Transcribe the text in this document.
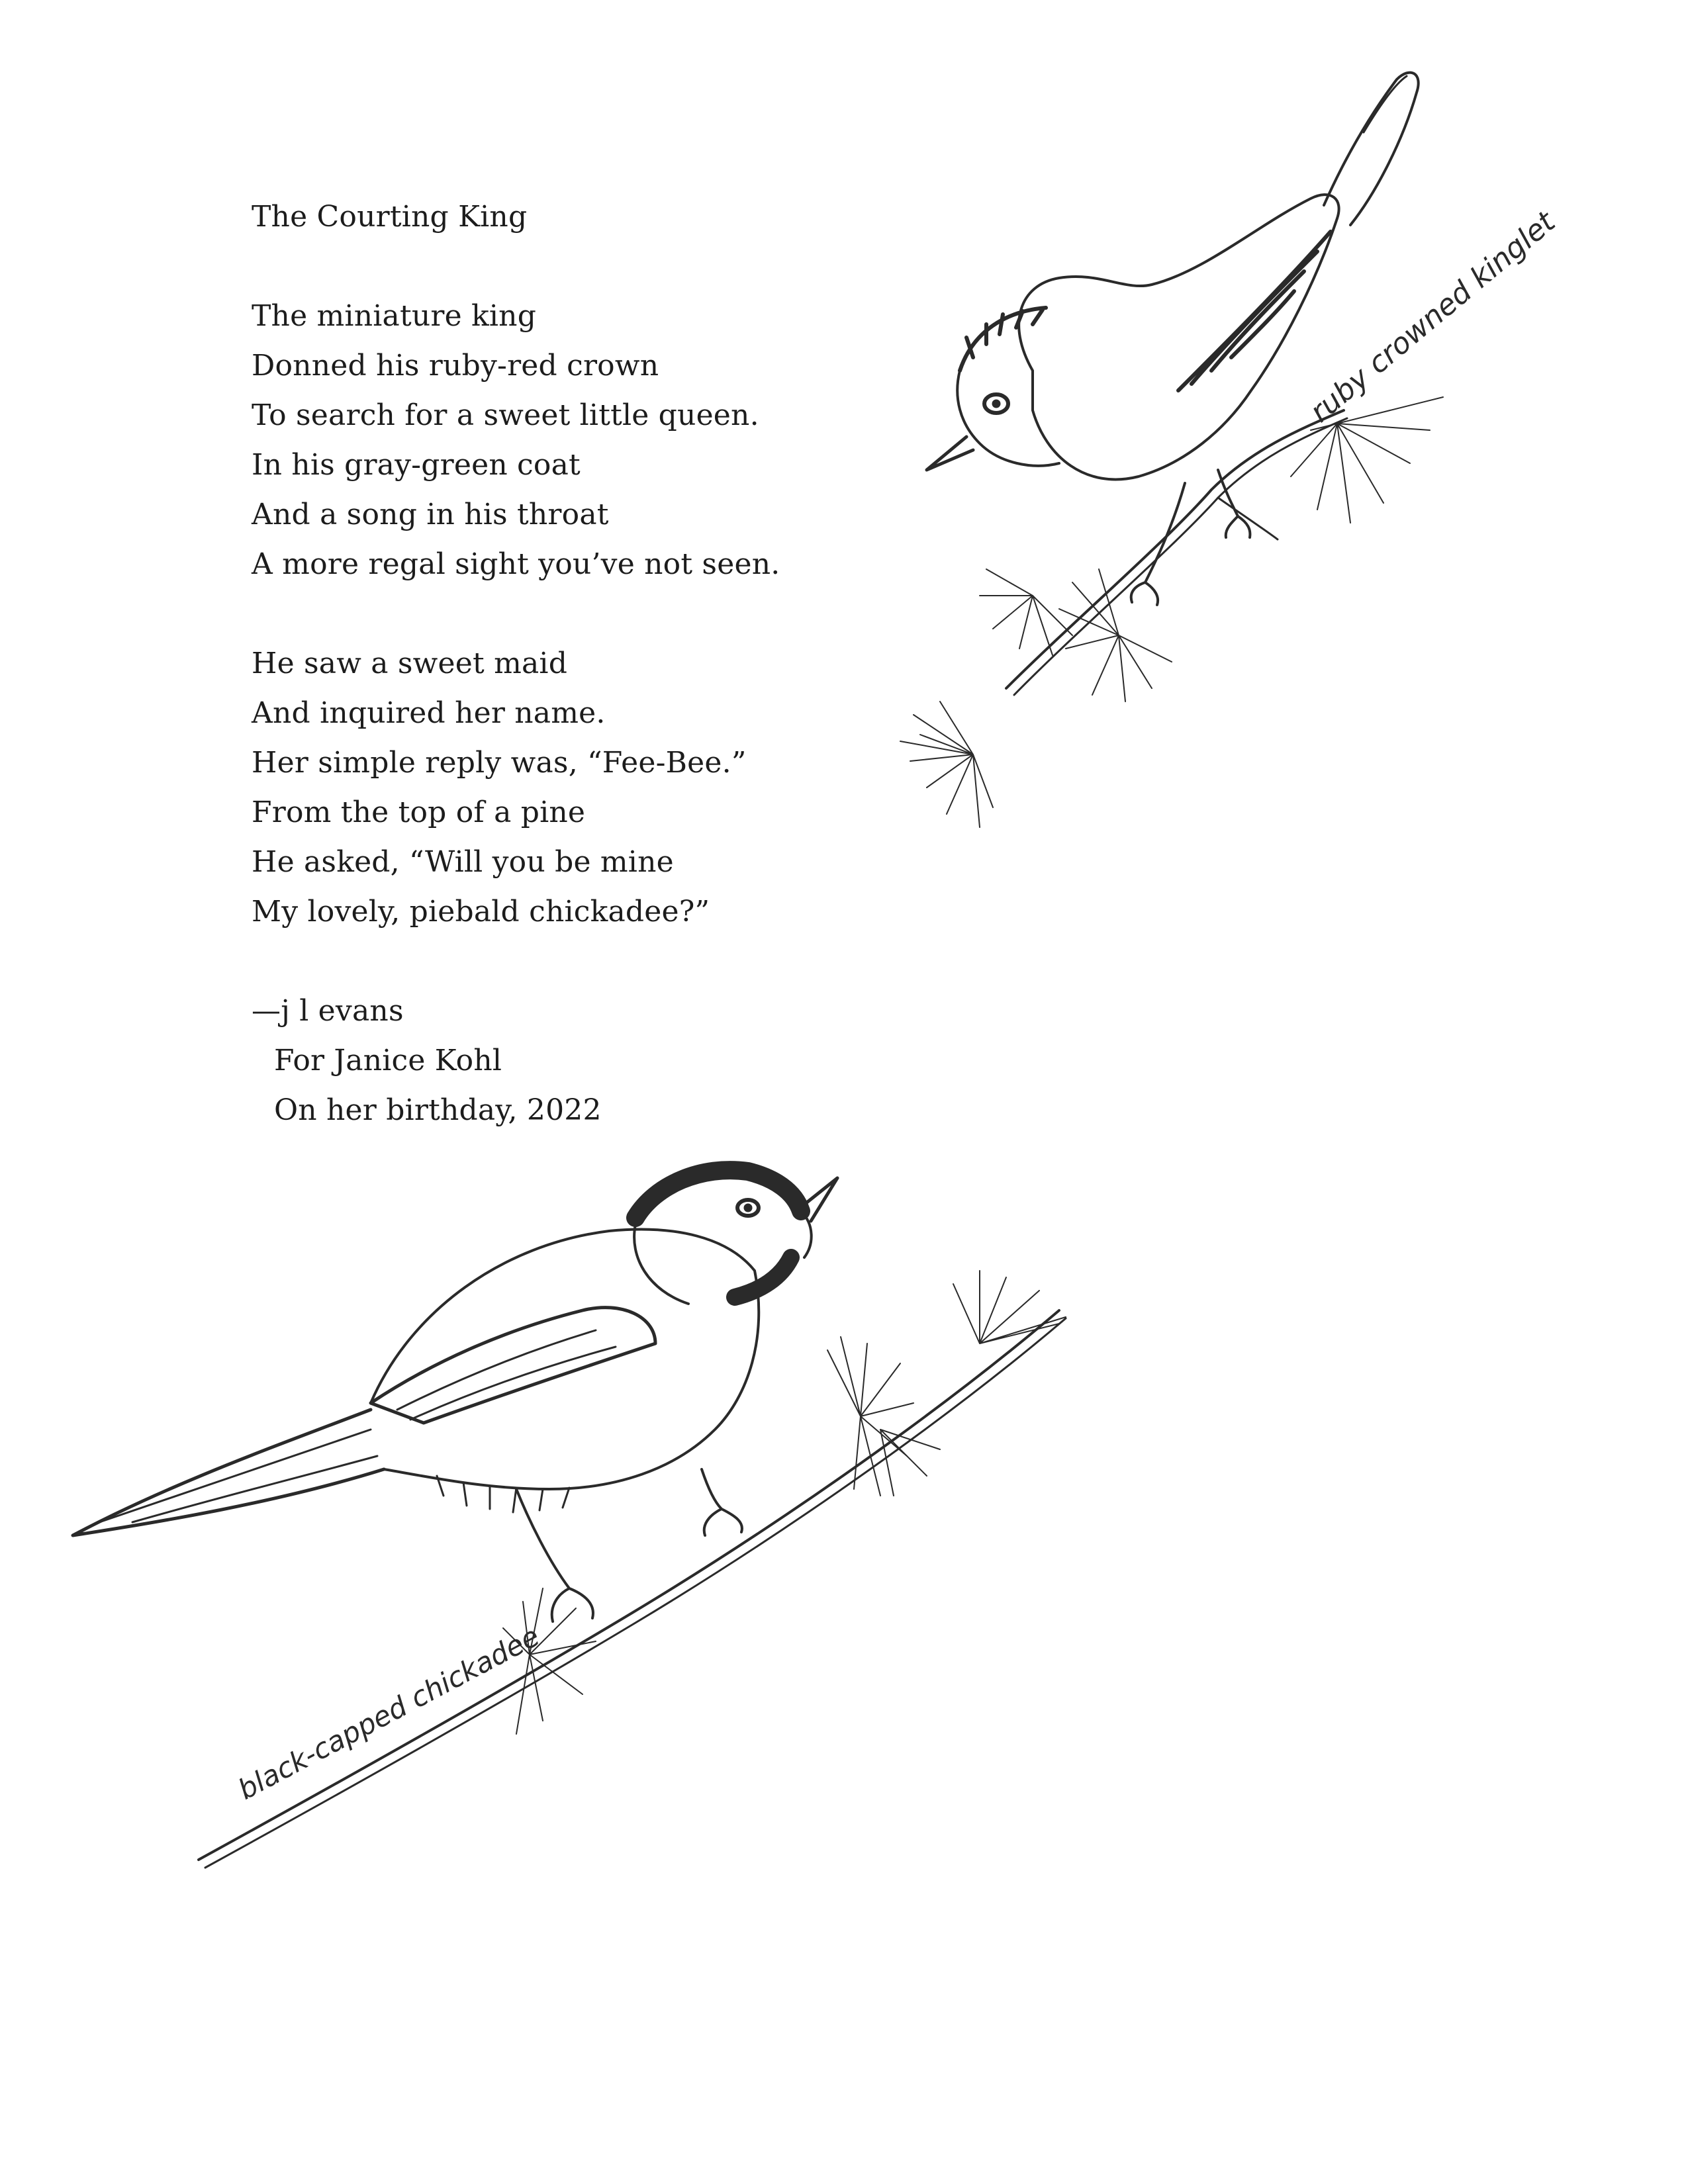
The Courting King
The miniature king
Donned his ruby-red crown
To search for a sweet little queen.
In his gray-green coat
And a song in his throat
A more regal sight you’ve not seen.
He saw a sweet maid
And inquired her name.
Her simple reply was, “Fee-Bee.”
From the top of a pine
He asked, “Will you be mine
My lovely, piebald chickadee?”
—j l evans
For Janice Kohl
On her birthday, 2022
ruby crowned kinglet
black-capped chickadee
